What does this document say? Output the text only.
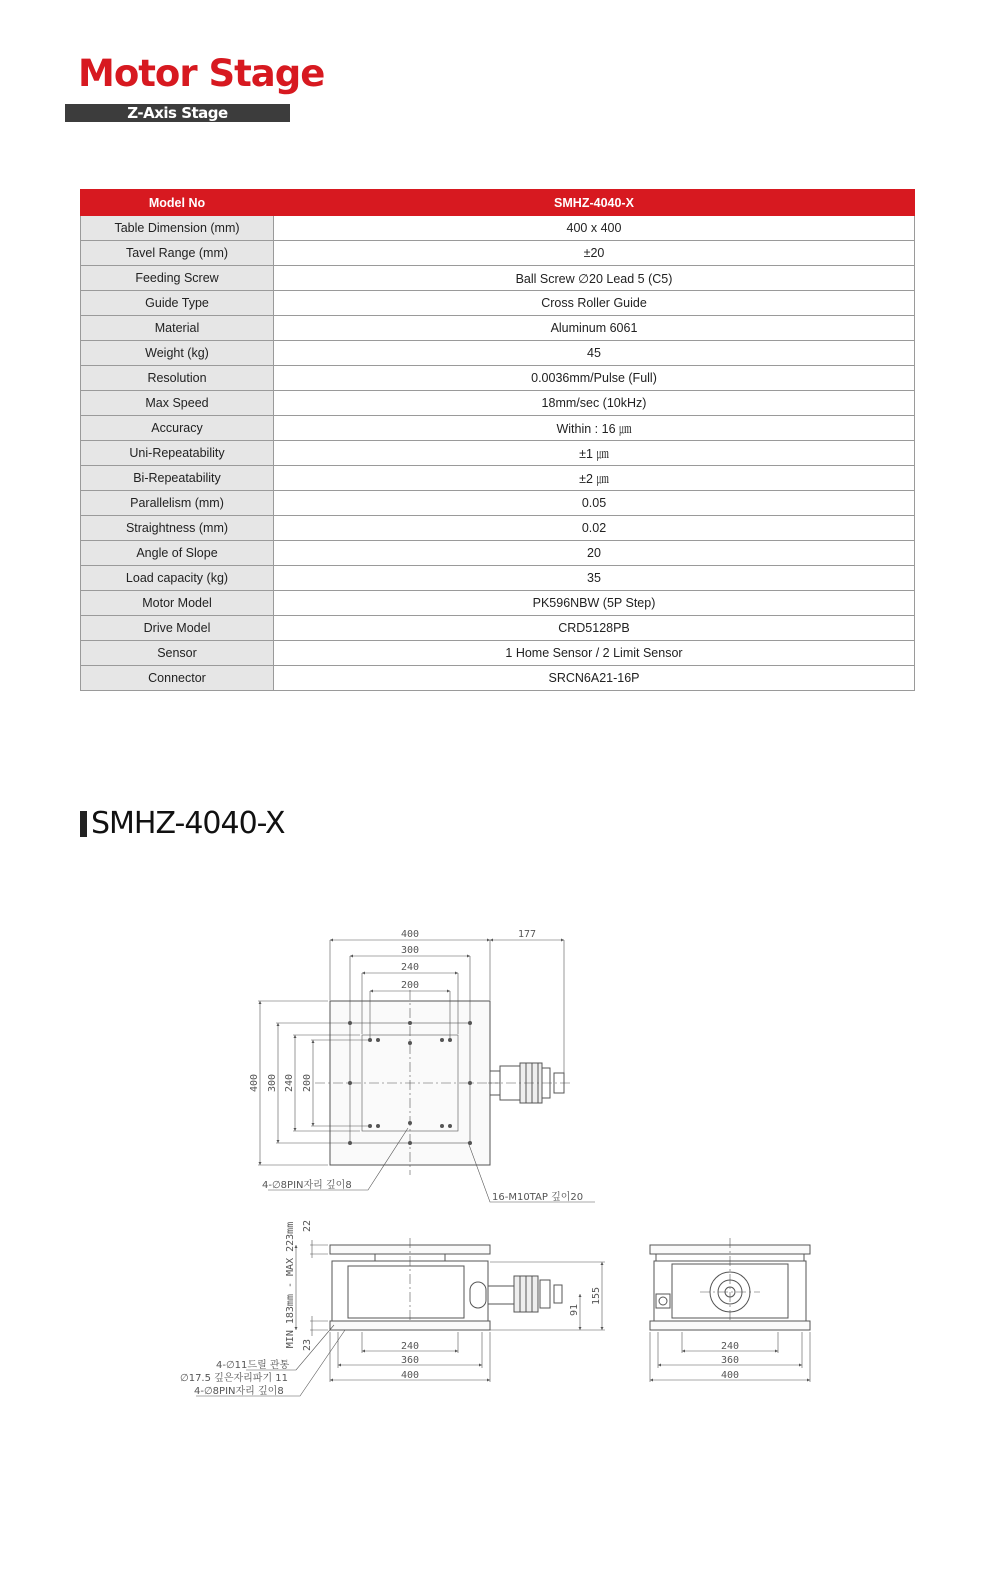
Motor Stage
Z-Axis Stage
Model No	SMHZ-4040-X
Table Dimension (mm)	400 x 400
Tavel Range (mm)	±20
Feeding Screw	Ball Screw ∅20 Lead 5 (C5)
Guide Type	Cross Roller Guide
Material	Aluminum 6061
Weight (kg)	45
Resolution	0.0036mm/Pulse (Full)
Max Speed	18mm/sec (10kHz)
Accuracy	Within : 16 ㎛
Uni-Repeatability	±1 ㎛
Bi-Repeatability	±2 ㎛
Parallelism (mm)	0.05
Straightness (mm)	0.02
Angle of Slope	20
Load capacity (kg)	35
Motor Model	PK596NBW (5P Step)
Drive Model	CRD5128PB
Sensor	1 Home Sensor / 2 Limit Sensor
Connector	SRCN6A21-16P
SMHZ-4040-X
400
300
240
200
177
400 300 240 200
22
23
MIN 183mm - MAX 223mm	91
155
240
360
400
240
360
400
4-∅8PIN자리 깊이8
16-M10TAP 깊이20
4-∅11드릴 관통
∅17.5 깊은자리파기 11
4-∅8PIN자리 깊이8
